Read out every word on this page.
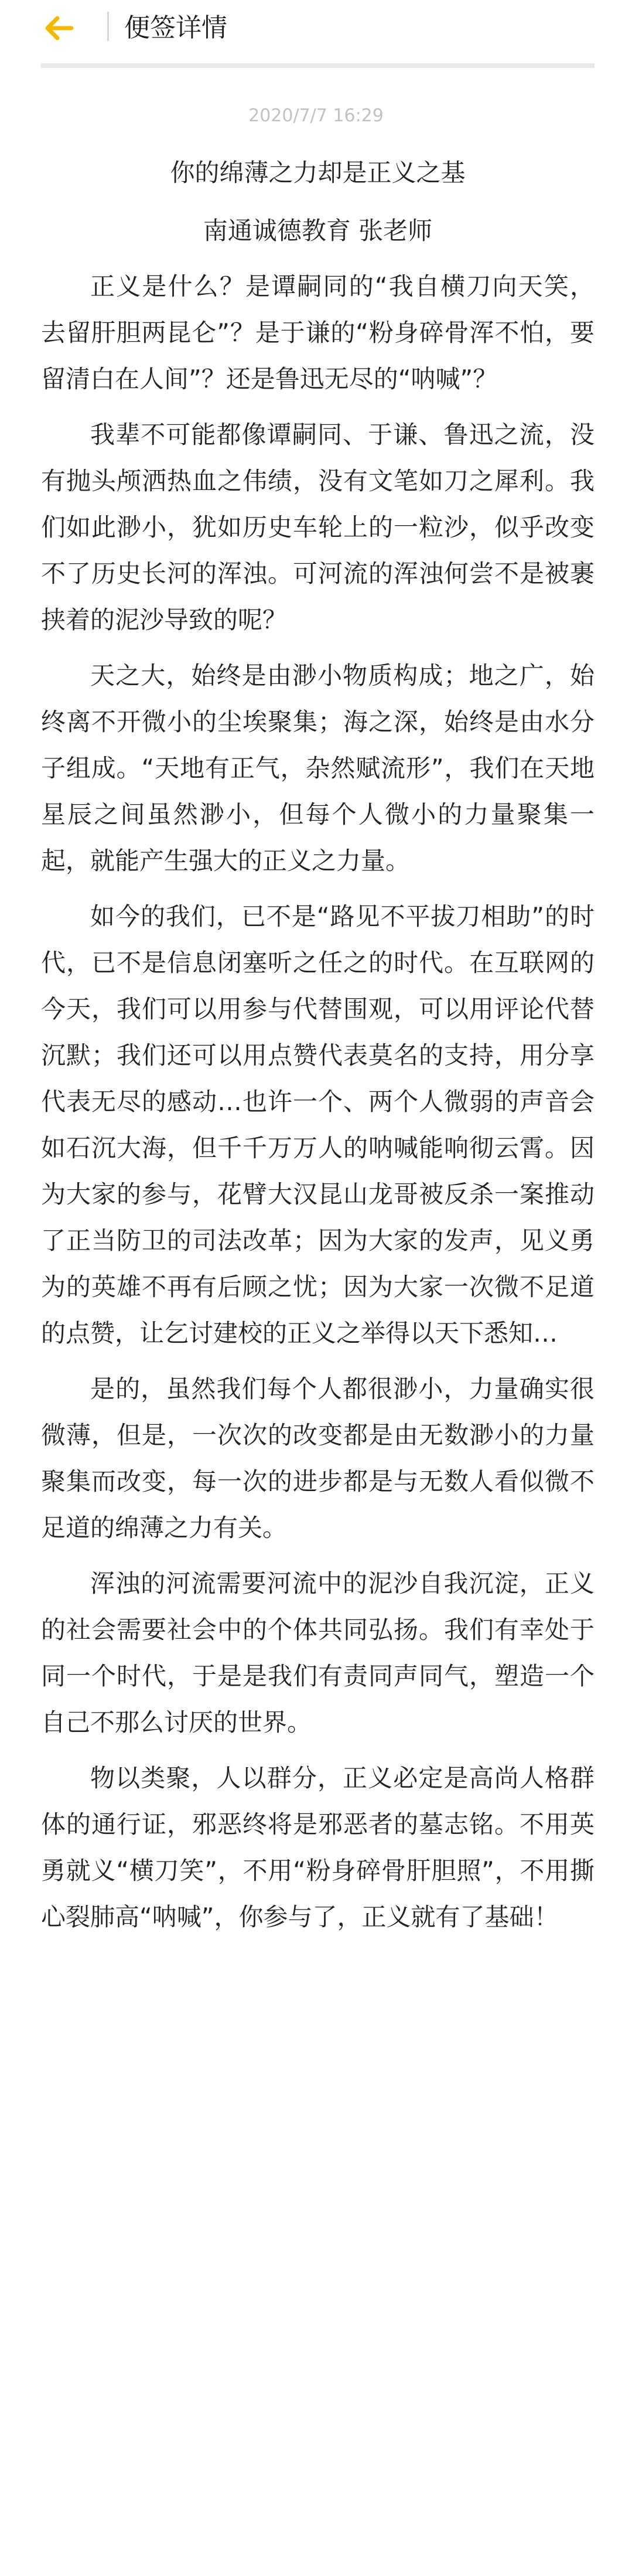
便签详情
2020/7/7 16:29

你的绵薄之力却是正义之基

南通诚德教育 张老师

正义是什么？是谭嗣同的“我自横刀向天笑，去留肝胆两昆仑”？是于谦的“粉身碎骨浑不怕，要留清白在人间”？还是鲁迅无尽的“呐喊”？

我辈不可能都像谭嗣同、于谦、鲁迅之流，没有抛头颅洒热血之伟绩，没有文笔如刀之犀利。我们如此渺小，犹如历史车轮上的一粒沙，似乎改变不了历史长河的浑浊。可河流的浑浊何尝不是被裹挟着的泥沙导致的呢？

天之大，始终是由渺小物质构成；地之广，始终离不开微小的尘埃聚集；海之深，始终是由水分子组成。“天地有正气，杂然赋流形”，我们在天地星辰之间虽然渺小，但每个人微小的力量聚集一起，就能产生强大的正义之力量。

如今的我们，已不是“路见不平拔刀相助”的时代，已不是信息闭塞听之任之的时代。在互联网的今天，我们可以用参与代替围观，可以用评论代替沉默；我们还可以用点赞代表莫名的支持，用分享代表无尽的感动…也许一个、两个人微弱的声音会如石沉大海，但千千万万人的呐喊能响彻云霄。因为大家的参与，花臂大汉昆山龙哥被反杀一案推动了正当防卫的司法改革；因为大家的发声，见义勇为的英雄不再有后顾之忧；因为大家一次微不足道的点赞，让乞讨建校的正义之举得以天下悉知…

是的，虽然我们每个人都很渺小，力量确实很微薄，但是，一次次的改变都是由无数渺小的力量聚集而改变，每一次的进步都是与无数人看似微不足道的绵薄之力有关。

浑浊的河流需要河流中的泥沙自我沉淀，正义的社会需要社会中的个体共同弘扬。我们有幸处于同一个时代，于是是我们有责同声同气，塑造一个自己不那么讨厌的世界。

物以类聚，人以群分，正义必定是高尚人格群体的通行证，邪恶终将是邪恶者的墓志铭。不用英勇就义“横刀笑”，不用“粉身碎骨肝胆照”，不用撕心裂肺高“呐喊”，你参与了，正义就有了基础！
